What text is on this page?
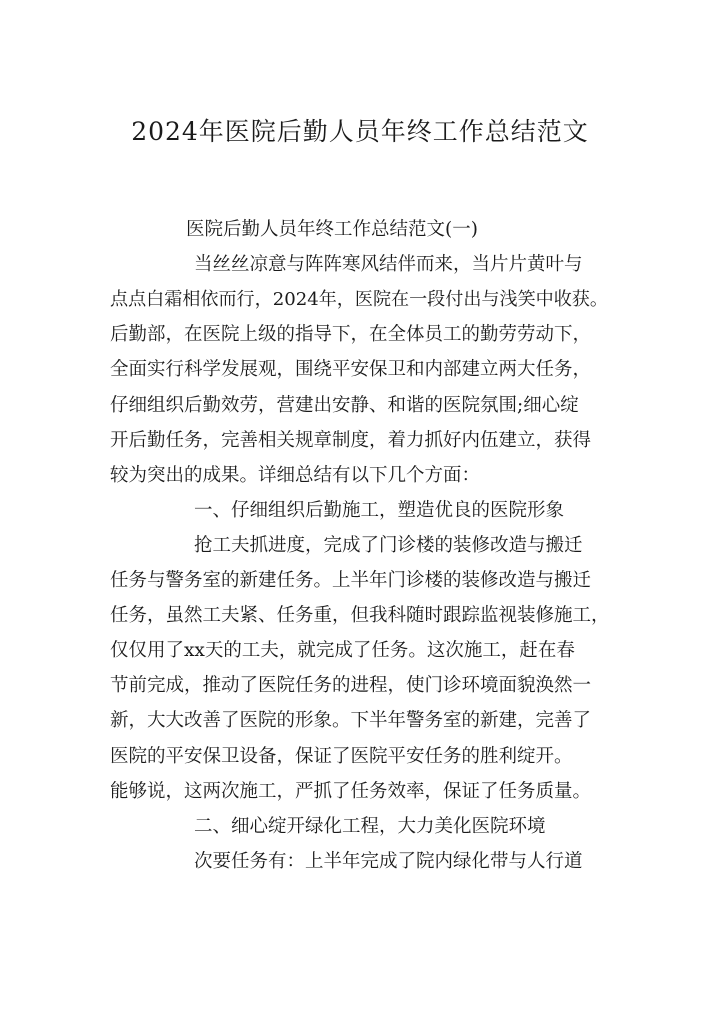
2024年医院后勤人员年终工作总结范文
医院后勤人员年终工作总结范文(一)
当丝丝凉意与阵阵寒风结伴而来，当片片黄叶与
点点白霜相依而行，2024年，医院在一段付出与浅笑中收获。
后勤部，在医院上级的指导下，在全体员工的勤劳劳动下，
全面实行科学发展观，围绕平安保卫和内部建立两大任务，
仔细组织后勤效劳，营建出安静、和谐的医院氛围;细心绽
开后勤任务，完善相关规章制度，着力抓好内伍建立，获得
较为突出的成果。详细总结有以下几个方面：
一、仔细组织后勤施工，塑造优良的医院形象
抢工夫抓进度，完成了门诊楼的装修改造与搬迁
任务与警务室的新建任务。上半年门诊楼的装修改造与搬迁
任务，虽然工夫紧、任务重，但我科随时跟踪监视装修施工，
仅仅用了xx天的工夫，就完成了任务。这次施工，赶在春
节前完成，推动了医院任务的进程，使门诊环境面貌涣然一
新，大大改善了医院的形象。下半年警务室的新建，完善了
医院的平安保卫设备，保证了医院平安任务的胜利绽开。
能够说，这两次施工，严抓了任务效率，保证了任务质量。
二、细心绽开绿化工程，大力美化医院环境
次要任务有：上半年完成了院内绿化带与人行道
